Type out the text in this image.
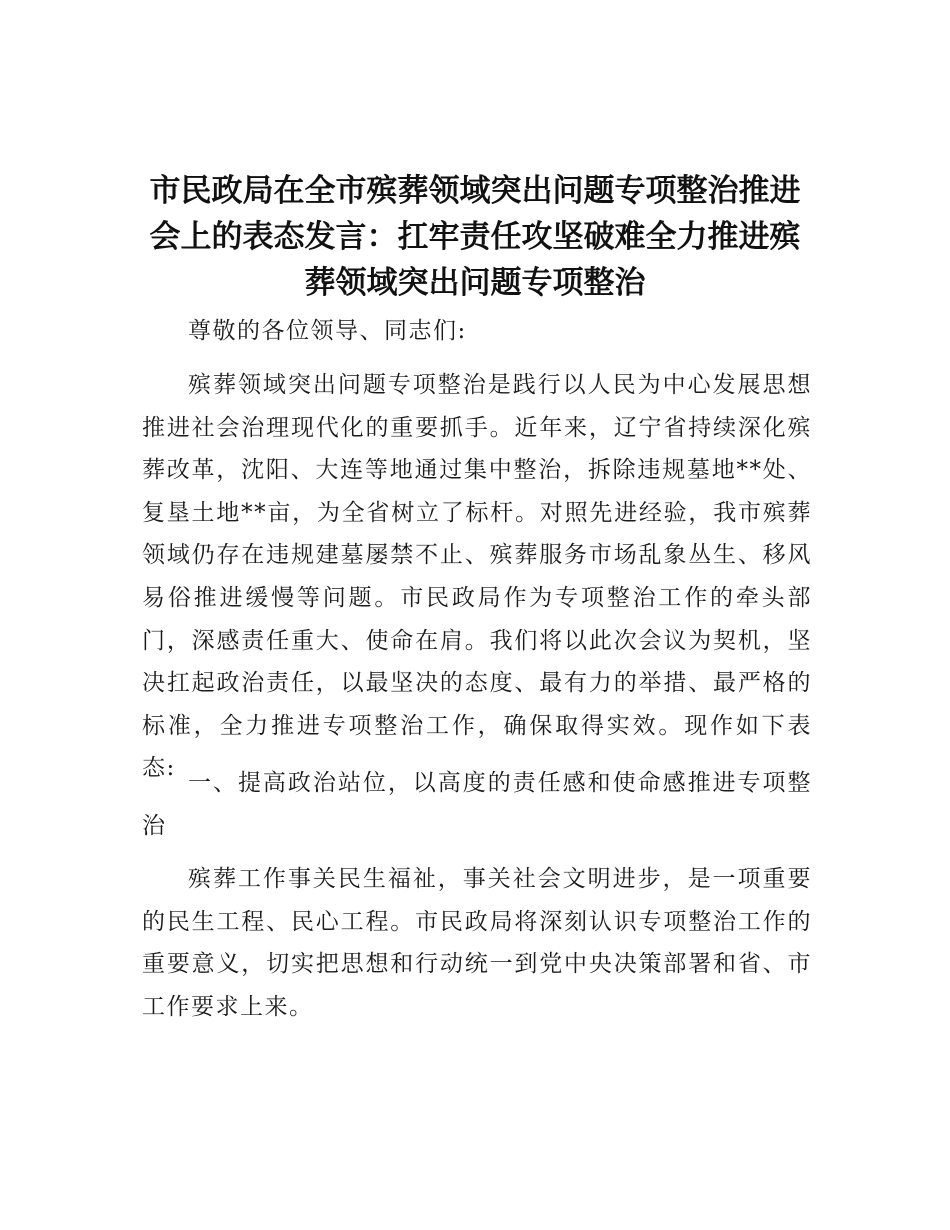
市民政局在全市殡葬领域突出问题专项整治推进会上的表态发言：扛牢责任攻坚破难全力推进殡葬领域突出问题专项整治

尊敬的各位领导、同志们:

殡葬领域突出问题专项整治是践行以人民为中心发展思想推进社会治理现代化的重要抓手。近年来，辽宁省持续深化殡葬改革，沈阳、大连等地通过集中整治，拆除违规墓地**处、复垦土地**亩，为全省树立了标杆。对照先进经验，我市殡葬领域仍存在违规建墓屡禁不止、殡葬服务市场乱象丛生、移风易俗推进缓慢等问题。市民政局作为专项整治工作的牵头部门，深感责任重大、使命在肩。我们将以此次会议为契机，坚决扛起政治责任，以最坚决的态度、最有力的举措、最严格的标准，全力推进专项整治工作，确保取得实效。现作如下表态:

一、提高政治站位，以高度的责任感和使命感推进专项整治

殡葬工作事关民生福祉，事关社会文明进步，是一项重要的民生工程、民心工程。市民政局将深刻认识专项整治工作的重要意义，切实把思想和行动统一到党中央决策部署和省、市工作要求上来。
